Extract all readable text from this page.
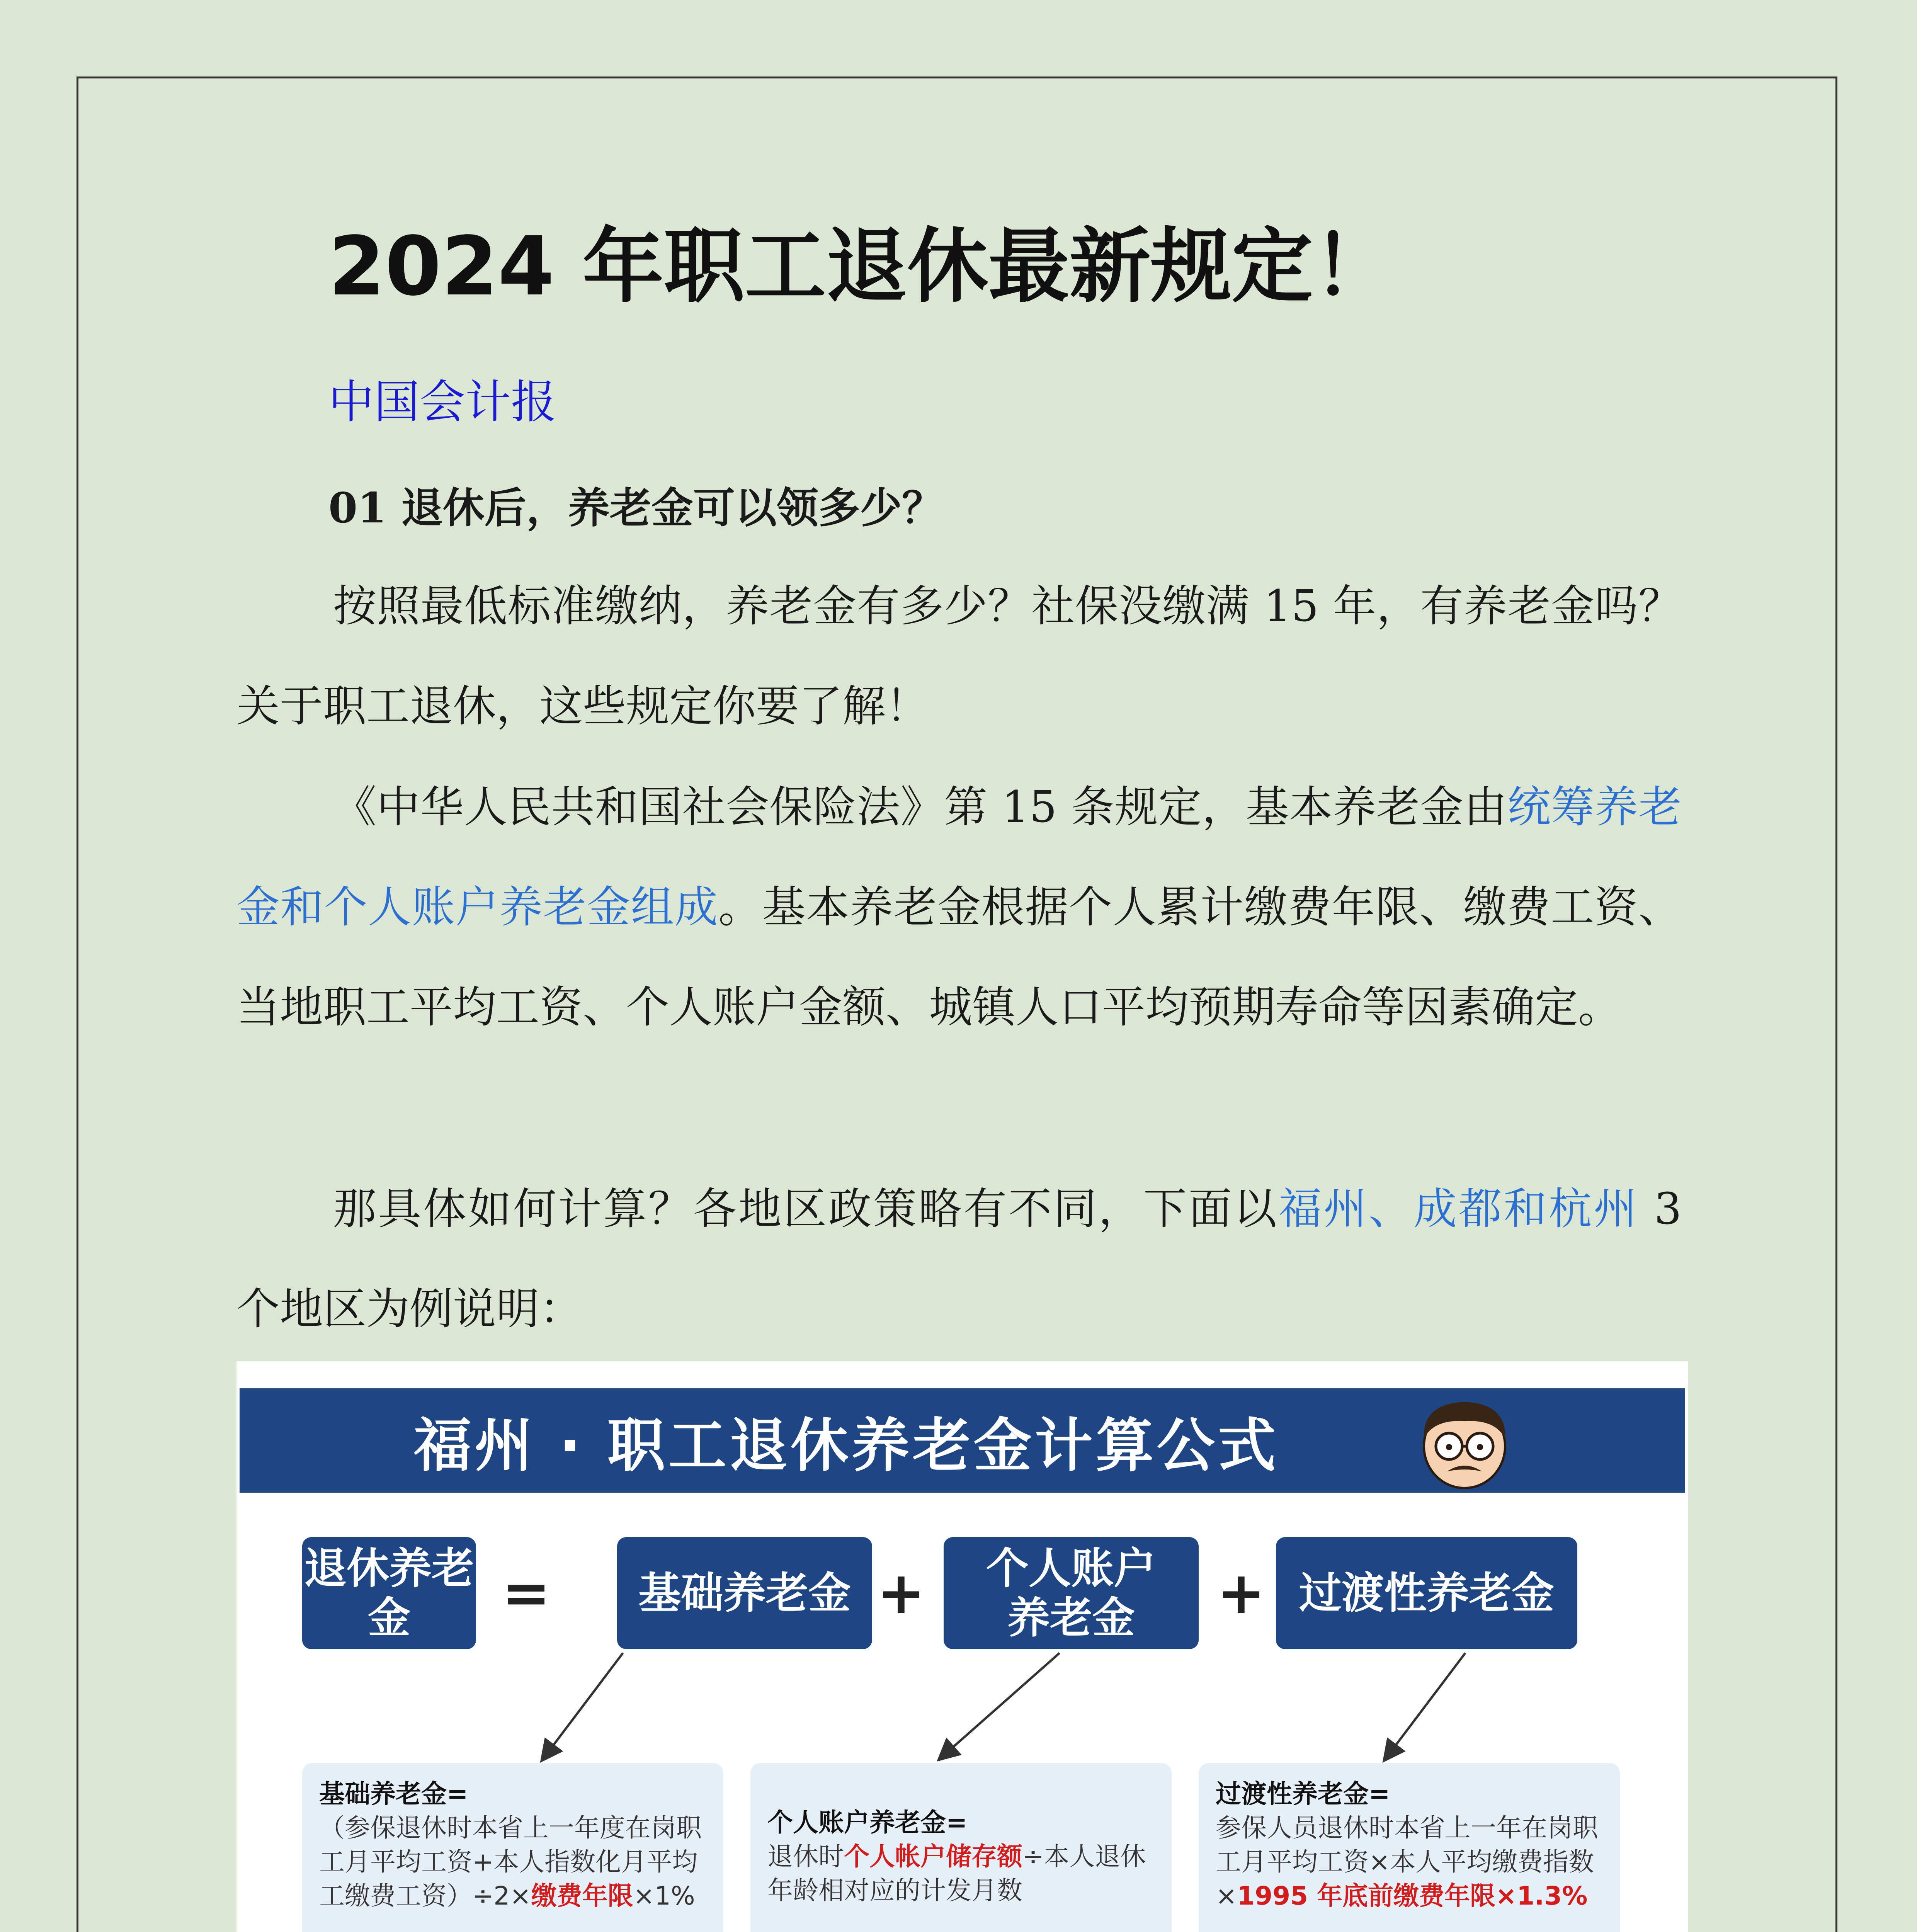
2024 年职工退休最新规定！
中国会计报
01 退休后，养老金可以领多少？

按照最低标准缴纳，养老金有多少？社保没缴满 15 年，有养老金吗？关于职工退休，这些规定你要了解！

《中华人民共和国社会保险法》第 15 条规定，基本养老金由统筹养老金和个人账户养老金组成。基本养老金根据个人累计缴费年限、缴费工资、当地职工平均工资、个人账户金额、城镇人口平均预期寿命等因素确定。

那具体如何计算？各地区政策略有不同，下面以福州、成都和杭州 3 个地区为例说明：

福州 · 职工退休养老金计算公式
退休养老金	= 基础养老金 + 个人账户
养老金	+ 过渡性养老金
基础养老金=
（参保退休时本省上一年度在岗职工月平均工资+本人指数化月平均工缴费工资）÷2×缴费年限×1%
个人账户养老金=
退休时个人帐户储存额÷本人退休年龄相对应的计发月数
过渡性养老金=
参保人员退休时本省上一年在岗职工月平均工资×本人平均缴费指数×1995 年底前缴费年限×1.3%
